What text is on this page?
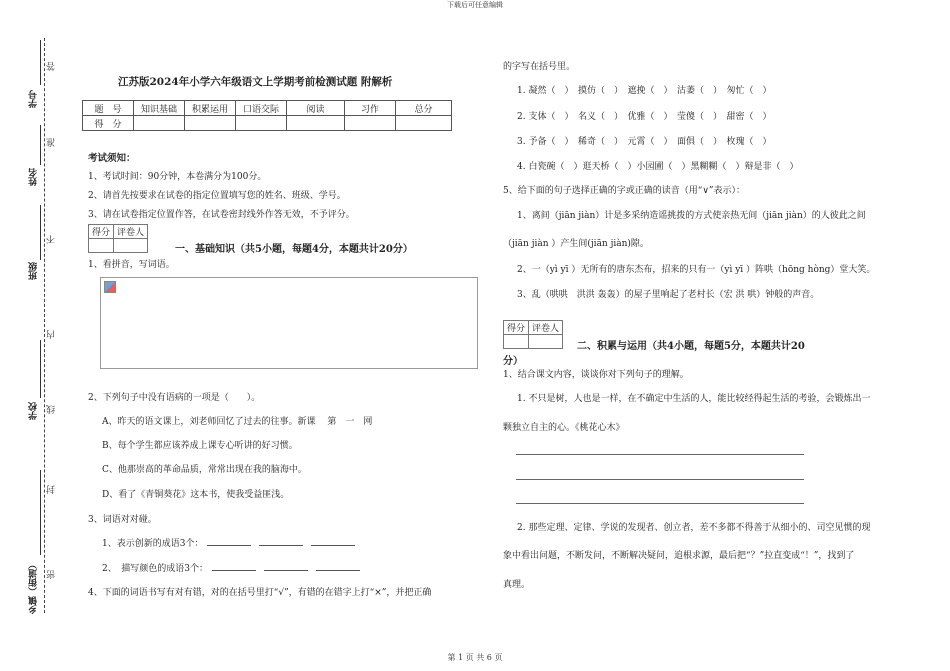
下载后可任意编辑
学号
姓名
班级
学校
乡镇（街道）
答
准
不
内
线
封
密
江苏版2024年小学六年级语文上学期考前检测试题 附解析
题　号	知识基础	积累运用	口语交际	阅读	习作	总分
得　分						
考试须知：
1、考试时间：90分钟，本卷满分为100分。
2、请首先按要求在试卷的指定位置填写您的姓名、班级、学号。
3、请在试卷指定位置作答，在试卷密封线外作答无效，不予评分。
得分	评卷人

一、基础知识（共5小题，每题4分，本题共计20分）
1、看拼音，写词语。
2、下列句子中没有语病的一项是（　　）。
A、昨天的语文课上，刘老师回忆了过去的往事。新课　 第　一　网
B、每个学生都应该养成上课专心听讲的好习惯。
C、他那崇高的革命品质，常常出现在我的脑海中。
D、看了《青铜葵花》这本书，使我受益匪浅。
3、词语对对碰。
1、表示创新的成语3个：
2、　描写颜色的成语3个：
4、下面的词语书写有对有错，对的在括号里打“√”，有错的在错字上打“×”，并把正确
的字写在括号里。
1. 凝然（　）　摸仿（　）　遮挽（　）　沽萎（　）　匆忙（　）
2. 支体（　）　名义（　）　优雅（　）　莹傻（　）　甜密（　）
3. 予备（　）　稀奇（　）　元霄（　）　面俱（　）　枚瑰（　）
4. 白瓷碗（　）逛天桥（　）小园圃（　）黑糊糊（　）辩是非（　）
5、给下面的句子选择正确的字或正确的读音（用“∨”表示）：
1、离间（jiān jiàn）计是多采纳造谣挑拨的方式使亲热无间（jiān jiàn）的人彼此之间
（jiān jiàn ）产生间(jiān jiàn)隙。
2、一（yì yī ）无所有的唐东杰布，招来的只有一（yì yī ）阵哄（hōng hòng）堂大笑。
3、乱（哄哄　洪洪 轰轰）的屋子里响起了老村长（宏 洪 哄）钟般的声音。
得分	评卷人

二、积累与运用（共4小题，每题5分，本题共计20
分）
1、结合课文内容，谈谈你对下列句子的理解。
1. 不只是树，人也是一样，在不确定中生活的人，能比较经得起生活的考验，会锻炼出一
颗独立自主的心。《桃花心木》
2. 那些定理、定律、学说的发现者、创立者，差不多都不得善于从细小的、司空见惯的现
象中看出问题，不断发问，不断解决疑问，追根求源，最后把“？”拉直变成“！”，找到了
真理。
第 1 页 共 6 页
